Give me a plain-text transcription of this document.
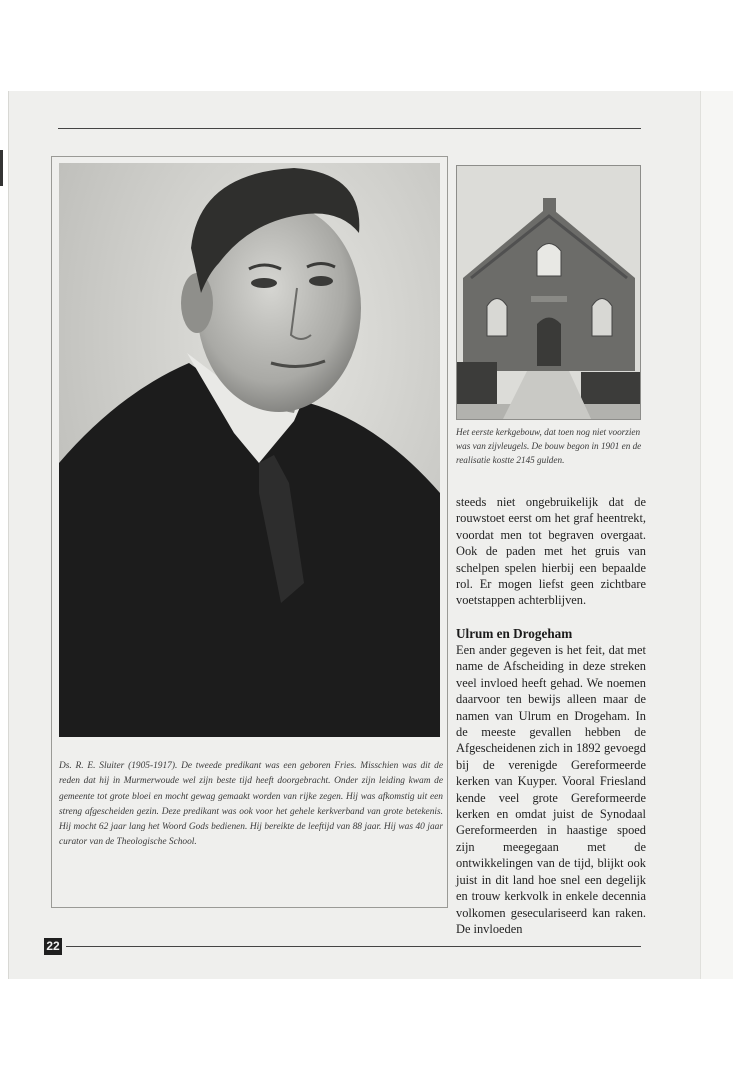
Ds. R. E. Sluiter (1905-1917). De tweede predikant was een geboren Fries. Misschien was dit de reden dat hij in Murmerwoude wel zijn beste tijd heeft doorgebracht. Onder zijn leiding kwam de gemeente tot grote bloei en mocht gewag gemaakt worden van rijke zegen. Hij was afkomstig uit een streng afgescheiden gezin. Deze predikant was ook voor het gehele kerkverband van grote betekenis. Hij mocht 62 jaar lang het Woord Gods bedienen. Hij bereikte de leeftijd van 88 jaar. Hij was 40 jaar curator van de Theologische School.
Het eerste kerkgebouw, dat toen nog niet voorzien was van zijvleugels. De bouw begon in 1901 en de realisatie kostte 2145 gulden.

steeds niet ongebruikelijk dat de rouwstoet eerst om het graf heentrekt, voordat men tot begraven overgaat. Ook de paden met het gruis van schelpen spelen hierbij een bepaalde rol. Er mogen liefst geen zichtbare voetstappen achterblijven.

Ulrum en Drogeham

Een ander gegeven is het feit, dat met name de Afscheiding in deze streken veel invloed heeft gehad. We noemen daarvoor ten bewijs alleen maar de namen van Ulrum en Drogeham. In de meeste gevallen hebben de Afgescheidenen zich in 1892 gevoegd bij de verenigde Gereformeerde kerken van Kuyper. Vooral Friesland kende veel grote Gereformeerde kerken en omdat juist de Synodaal Gereformeerden in haastige spoed zijn meegegaan met de ontwikkelingen van de tijd, blijkt ook juist in dit land hoe snel een degelijk en trouw kerkvolk in enkele decennia volkomen geseculariseerd kan raken. De invloeden

22
